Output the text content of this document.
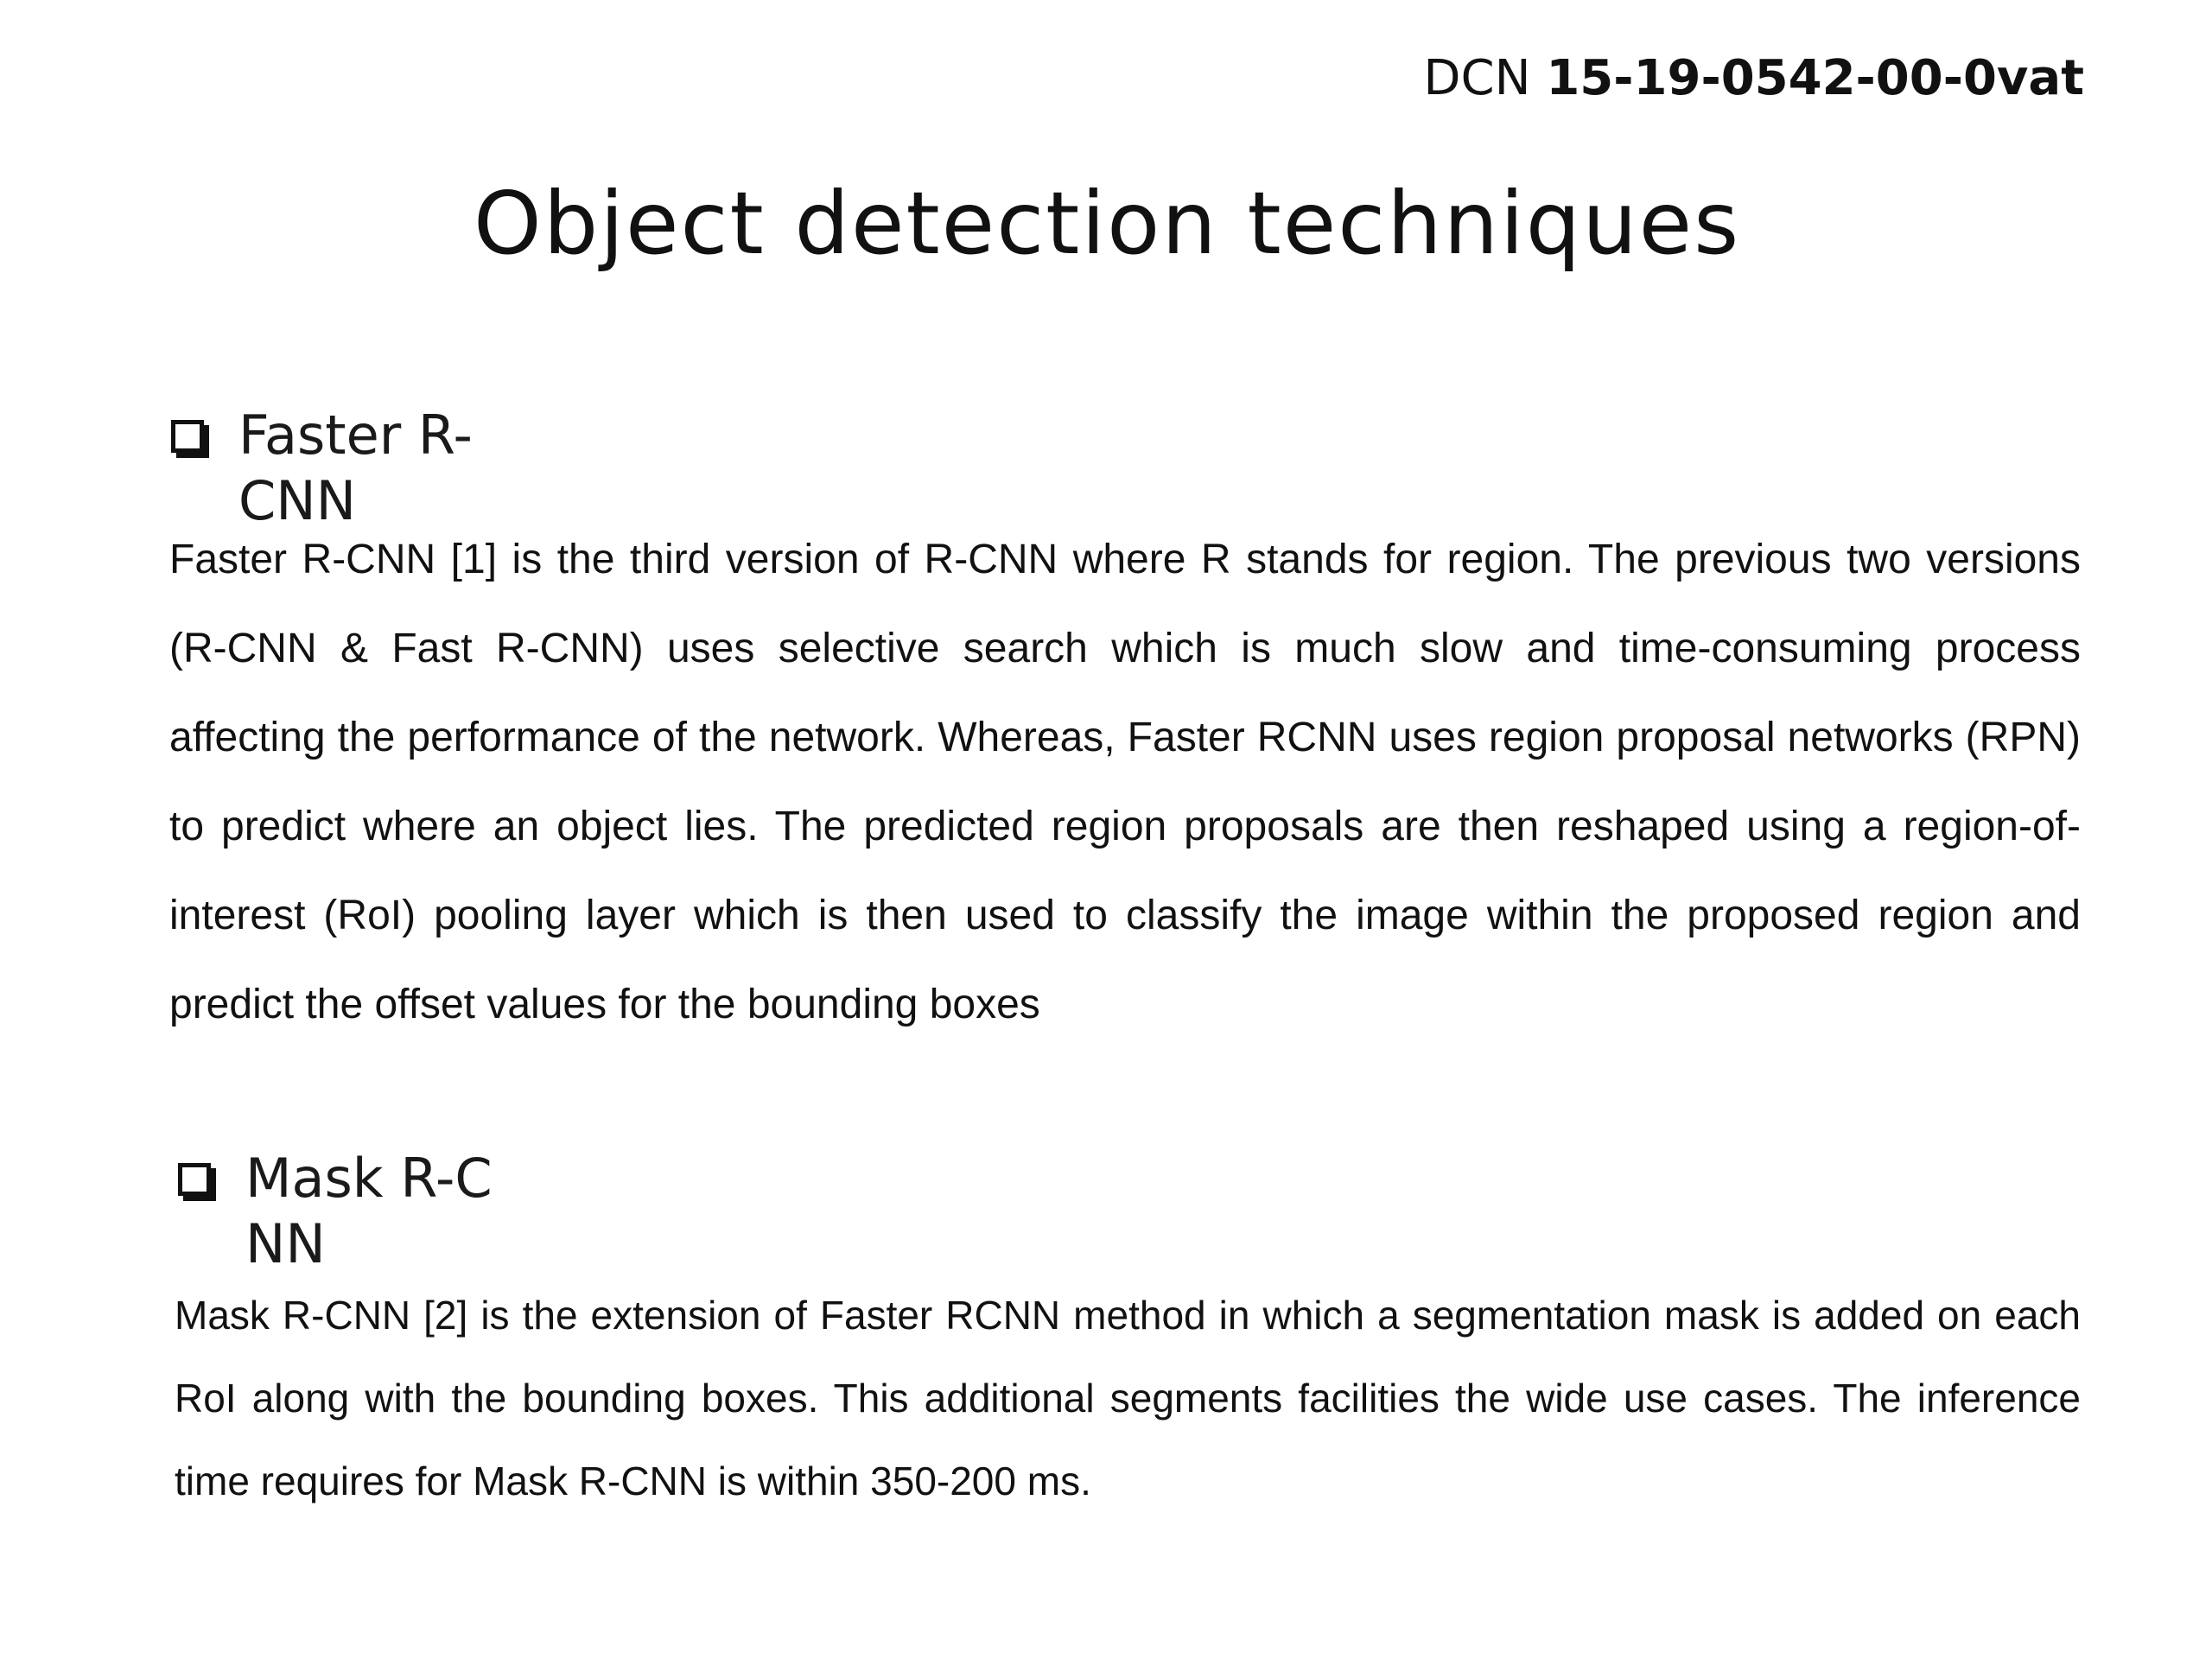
DCN 15-19-0542-00-0vat
Object detection techniques
Faster R-CNN
Faster R-CNN [1] is the third version of R-CNN where R stands for region. The previous two versions (R-CNN & Fast R-CNN) uses selective search which is much slow and time-consuming process affecting the performance of the network. Whereas, Faster RCNN uses region proposal networks (RPN) to predict where an object lies. The predicted region proposals are then reshaped using a region-of-interest (RoI) pooling layer which is then used to classify the image within the proposed region and predict the offset values for the bounding boxes
Mask R-CNN
Mask R-CNN [2] is the extension of Faster RCNN method in which a segmentation mask is added on each RoI along with the bounding boxes. This additional segments facilities the wide use cases. The inference time requires for Mask R-CNN is within 350-200 ms.
